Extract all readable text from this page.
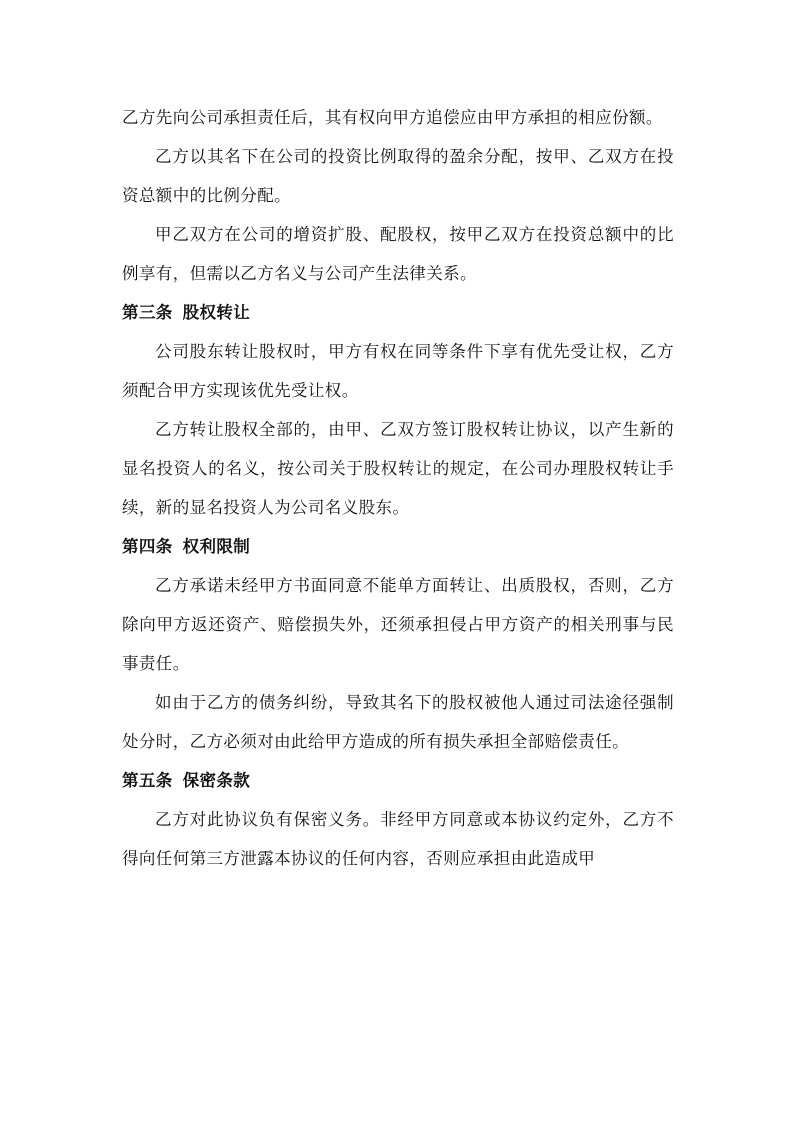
乙方先向公司承担责任后，其有权向甲方追偿应由甲方承担的相应份额。

乙方以其名下在公司的投资比例取得的盈余分配，按甲、乙双方在投资总额中的比例分配。

甲乙双方在公司的增资扩股、配股权，按甲乙双方在投资总额中的比例享有，但需以乙方名义与公司产生法律关系。

第三条 股权转让

公司股东转让股权时，甲方有权在同等条件下享有优先受让权，乙方须配合甲方实现该优先受让权。

乙方转让股权全部的，由甲、乙双方签订股权转让协议，以产生新的显名投资人的名义，按公司关于股权转让的规定，在公司办理股权转让手续，新的显名投资人为公司名义股东。

第四条 权利限制

乙方承诺未经甲方书面同意不能单方面转让、出质股权，否则，乙方除向甲方返还资产、赔偿损失外，还须承担侵占甲方资产的相关刑事与民事责任。

如由于乙方的债务纠纷，导致其名下的股权被他人通过司法途径强制处分时，乙方必须对由此给甲方造成的所有损失承担全部赔偿责任。

第五条 保密条款

乙方对此协议负有保密义务。非经甲方同意或本协议约定外，乙方不得向任何第三方泄露本协议的任何内容，否则应承担由此造成甲
